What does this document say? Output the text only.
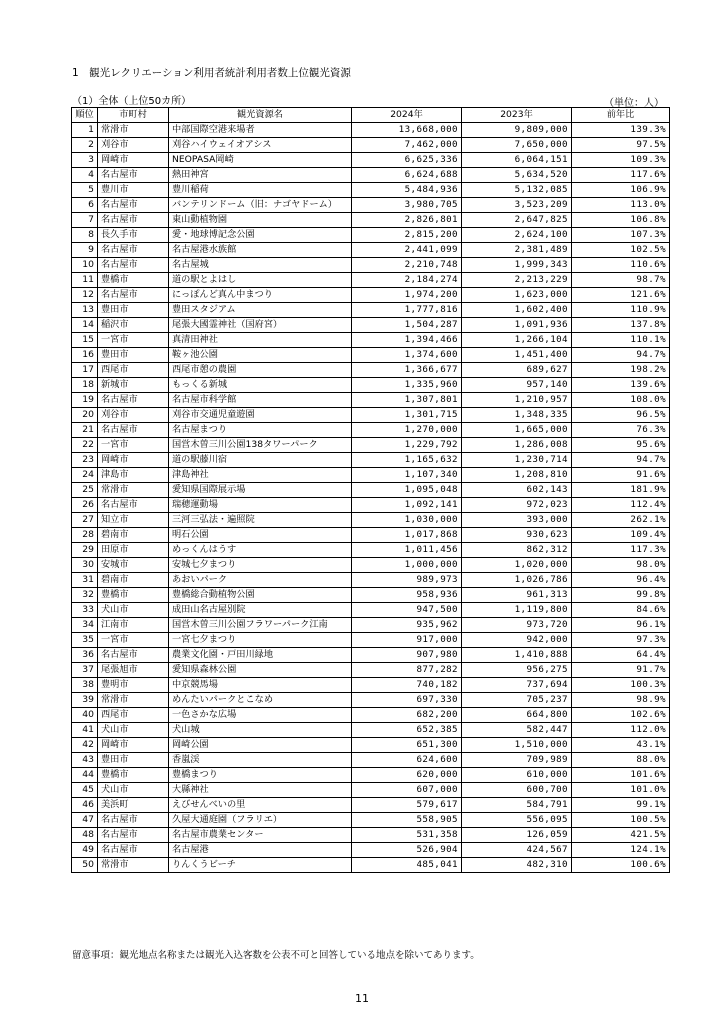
1　観光レクリエーション利用者統計利用者数上位観光資源
（1）全体（上位50カ所）	（単位：人）
順位	市町村	観光資源名	2024年	2023年	前年比
1	常滑市	中部国際空港来場者	13,668,000	9,809,000	139.3%
2	刈谷市	刈谷ハイウェイオアシス	7,462,000	7,650,000	97.5%
3	岡崎市	NEOPASA岡崎	6,625,336	6,064,151	109.3%
4	名古屋市	熱田神宮	6,624,688	5,634,520	117.6%
5	豊川市	豊川稲荷	5,484,936	5,132,085	106.9%
6	名古屋市	バンテリンドーム（旧：ナゴヤドーム）	3,980,705	3,523,209	113.0%
7	名古屋市	東山動植物園	2,826,801	2,647,825	106.8%
8	長久手市	愛・地球博記念公園	2,815,200	2,624,100	107.3%
9	名古屋市	名古屋港水族館	2,441,099	2,381,489	102.5%
10	名古屋市	名古屋城	2,210,748	1,999,343	110.6%
11	豊橋市	道の駅とよはし	2,184,274	2,213,229	98.7%
12	名古屋市	にっぽんど真ん中まつり	1,974,200	1,623,000	121.6%
13	豊田市	豊田スタジアム	1,777,816	1,602,400	110.9%
14	稲沢市	尾張大國霊神社（国府宮）	1,504,287	1,091,936	137.8%
15	一宮市	真清田神社	1,394,466	1,266,104	110.1%
16	豊田市	鞍ヶ池公園	1,374,600	1,451,400	94.7%
17	西尾市	西尾市憩の農園	1,366,677	689,627	198.2%
18	新城市	もっくる新城	1,335,960	957,140	139.6%
19	名古屋市	名古屋市科学館	1,307,801	1,210,957	108.0%
20	刈谷市	刈谷市交通児童遊園	1,301,715	1,348,335	96.5%
21	名古屋市	名古屋まつり	1,270,000	1,665,000	76.3%
22	一宮市	国営木曽三川公園138タワーパーク	1,229,792	1,286,008	95.6%
23	岡崎市	道の駅藤川宿	1,165,632	1,230,714	94.7%
24	津島市	津島神社	1,107,340	1,208,810	91.6%
25	常滑市	愛知県国際展示場	1,095,048	602,143	181.9%
26	名古屋市	瑞穂運動場	1,092,141	972,023	112.4%
27	知立市	三河三弘法・遍照院	1,030,000	393,000	262.1%
28	碧南市	明石公園	1,017,868	930,623	109.4%
29	田原市	めっくんはうす	1,011,456	862,312	117.3%
30	安城市	安城七夕まつり	1,000,000	1,020,000	98.0%
31	碧南市	あおいパーク	989,973	1,026,786	96.4%
32	豊橋市	豊橋総合動植物公園	958,936	961,313	99.8%
33	犬山市	成田山名古屋別院	947,500	1,119,800	84.6%
34	江南市	国営木曽三川公園フラワーパーク江南	935,962	973,720	96.1%
35	一宮市	一宮七夕まつり	917,000	942,000	97.3%
36	名古屋市	農業文化園・戸田川緑地	907,980	1,410,888	64.4%
37	尾張旭市	愛知県森林公園	877,282	956,275	91.7%
38	豊明市	中京競馬場	740,182	737,694	100.3%
39	常滑市	めんたいパークとこなめ	697,330	705,237	98.9%
40	西尾市	一色さかな広場	682,200	664,800	102.6%
41	犬山市	犬山城	652,385	582,447	112.0%
42	岡崎市	岡崎公園	651,300	1,510,000	43.1%
43	豊田市	香嵐渓	624,600	709,989	88.0%
44	豊橋市	豊橋まつり	620,000	610,000	101.6%
45	犬山市	大縣神社	607,000	600,700	101.0%
46	美浜町	えびせんべいの里	579,617	584,791	99.1%
47	名古屋市	久屋大通庭園（フラリエ）	558,905	556,095	100.5%
48	名古屋市	名古屋市農業センター	531,358	126,059	421.5%
49	名古屋市	名古屋港	526,904	424,567	124.1%
50	常滑市	りんくうビーチ	485,041	482,310	100.6%
留意事項：観光地点名称または観光入込客数を公表不可と回答している地点を除いてあります。
11
